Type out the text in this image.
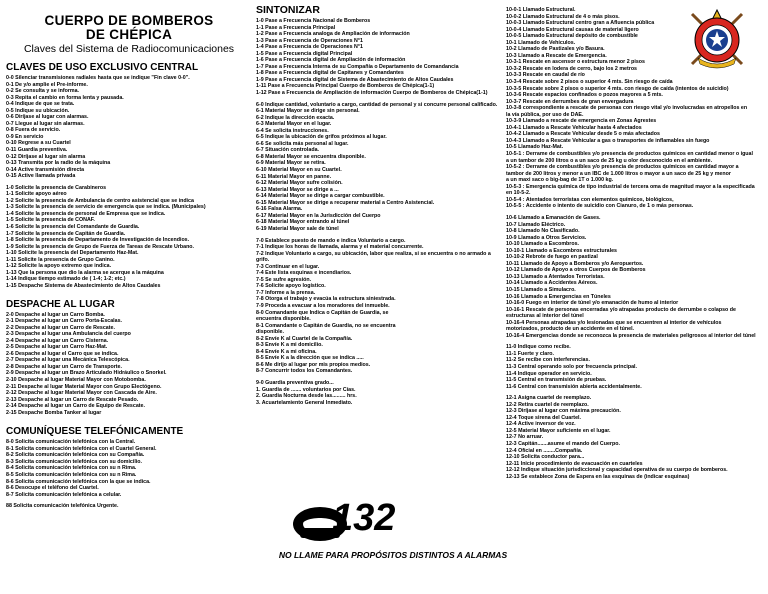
CUERPO DE BOMBEROS
DE CHÉPICA
Claves del Sistema de Radiocomunicaciones
CLAVES DE USO EXCLUSIVO CENTRAL
0-0 Silenciar transmisiones radiales hasta que se indique "Fin clave 0-0".
0-1 De y/o amplie el Pre-informe.
0-2 Se consulta y se informa.
0-3 Repita el cambio en forma lenta y pausada.
0-4 Indique de que se trata.
0-5 Indique su ubicación.
0-6 Diríjase al lugar con alarmas.
0-7 Llegue al lugar sin alarmas.
0-8 Fuera de servicio.
0-9 En servicio
0-10 Regrese a su Cuartel
0-11 Guardia preventiva.
0-12 Diríjase al lugar sin alarma
0-13 Transmita por la radio de la máquina
0-14 Active transmisión directa
0-15 Active llamada privada
1-0 Solicite la presencia de Carabineros
1-1 Solicite apoyo aéreo
1-2 Solicite la presencia de Ambulancia de centro asistencial que se indica
1-3 Solicite la presencia de servicio de emergencia que se indica. (Municipales)
1-4 Solicite la presencia de personal de Empresa que se indica.
1-5 Solicite la presencia de CONAF.
1-6 Solicite la presencia del Comandante de Guardia.
1-7 Solicite la presencia de Capitán de Guardia.
1-8 Solicite la presencia de Departamento de Investigación de Incendios.
1-9 Solicite la presencia de Grupo de Fuerza de Tareas de Rescate Urbano.
1-10 Solicite la presencia del Departamento Haz-Mat.
1-11 Solicite la presencia de Grupo Canino.
1-12 Solicite la apoyo extremo que indica.
1-13 Que la persona que dio la alarma se acerque a la máquina
1-14 Indique tiempo estimado de ( 1-4; 1-2; etc.)
1-15 Despache Sistema de Abastecimiento de Altos Caudales
DESPACHE AL LUGAR
2-0 Despache al lugar un Carro Bomba.
2-1 Despache al lugar un Carro Porta-Escalas.
2-2 Despache al lugar un Carro de Rescate.
2-3 Despache al lugar una Ambulancia del cuerpo
2-4 Despache al lugar un Carro Cisterna.
2-5 Despache al lugar un Carro Haz-Mat.
2-6 Despache al lugar el Carro que se indica.
2-7 Despache al lugar una Mecánica Telescópica.
2-8 Despache al lugar un Carro de Transporte.
2-9 Despache al lugar un Brazo Articulado Hidráulico o Snorkel.
2-10 Despache al lugar Material Mayor con Motobomba.
2-11 Despache al lugar Material Mayor con Grupo Electógeno.
2-12 Despache al lugar Material Mayor con Cascada de Aire.
2-13 Despache al lugar un Carro de Rescate Pesado.
2-14 Despache al lugar un Carro de Equipo de Rescate.
2-15 Despache Bomba Tanker al lugar
COMUNÍQUESE TELEFÓNICAMENTE
8-0 Solicita comunicación telefónica con la Central.
8-1 Solicita comunicación telefónica con el Cuartel General.
8-2 Solicita comunicación telefónica con su Compañía.
8-3 Solicita comunicación telefónica con su domicilio.
8-4 Solicita comunicación telefónica con su n Rima.
8-5 Solicita comunicación telefónica con su n Rima.
8-6 Solicita comunicación telefónica con la que se indica.
8-6 Desocupe el teléfono del Cuartel.
8-7 Solicita comunicación telefónica a celular.
88 Solicita comunicación telefónica Urgente.
SINTONIZAR
1-0 Pase a Frecuencia Nacional de Bomberos
1-1 Pase a Frecuencia Principal
1-2 Pase a Frecuencia analoga de Ampliación de información
1-3 Pase a Frecuencia de Operaciones N°1
1-4 Pase a Frecuencia de Operaciones N°1
1-5 Pase a Frecuencia digital Principal
1-6 Pase a Frecuencia digital de Ampliación de información
1-7 Pase a Frecuencia Interna de su Compañía o Departamento de Comandancia
1-8 Pase a Frecuencia digital de Capitanes y Comandantes
1-9 Pase a Frecuencia digital de Sistema de Abastecimiento de Altos Caudales
1-11 Pase a Frecuencia Principal Cuerpo de Bomberos de Chépica(1-1)
1-12 Pase a Frecuencia de Ampliación de información Cuerpo de Bomberos de Chépica(1-1)
6-0 Indique cantidad, voluntario a cargo, cantidad de personal y si concurre personal calificado.
6-1 Material Mayor se dirige sin personal.
6-2 Indique la dirección exacta.
6-3 Material Mayor en el lugar.
6-4 Se solicita instrucciones.
6-5 Indique la ubicación de grifos próximos al lugar.
6-6 Se solicita más personal al lugar.
6-7 Situación controlada.
6-8 Material Mayor se encuentra disponible.
6-9 Material Mayor se retira.
6-10 Material Mayor en su Cuartel.
6-11 Material Mayor en panne.
6-12 Material Mayor sufre colisión.
6-13 Material Mayor se dirige a ...
6-14 Material Mayor se dirige a cargar combustible.
6-15 Material Mayor se dirige a recuperar material a Centro Asistencial.
6-16 Falsa Alarma.
6-17 Material Mayor en la Jurisdicción del Cuerpo
6-18 Material Mayor entrando al túnel
6-19 Material Mayor sale de túnel
7-0 Establece puesto de mando e indica Voluntario a cargo.
7-1 Indique los horas de llamada, alarma y el material concurrente.
7-2 Indique Voluntario a cargo, su ubicación, labor que realiza, si se encuentra o no armado a
grifo.
7-3 Continuar en el lugar.
7-4 Este lista esquinas e incendiarios.
7-5 Se sufre agresión.
7-6 Solicite apoyo logístico.
7-7 Informe a la prensa.
7-8 Otorga el trabajo y evacúa la estructura siniestrada.
7-9 Proceda a evacuar a los moradores del inmueble.
8-0 Comandante que Indica o Capitán de Guardia, se
encuentra disponible.
8-1 Comandante o Capitán de Guardia, no se encuentra
disponible.
8-2 Envíe K al Cuartel de la Compañía.
8-3 Envíe K a mi domicilio.
8-4 Envíe K a mi oficina.
8-5 Envíe K a la dirección que se indica .....
8-6 Me dirijo al lugar por mis propios medios.
8-7 Concurrir todos los Comandantes.
9-0 Guardia preventiva grado...
1. Guardia de ....... voluntarios por Cías.
2. Guardia Nocturna desde las......... hrs.
3. Acuartelamiento General Inmediato.
132
NO LLAME PARA PROPÓSITOS DISTINTOS A ALARMAS
10-0-1 Llamado Estructural.
10-0-2 Llamado Estructural de 4 o más pisos.
10-0-3 Llamado Estructural centro gran a Afluencia pública
10-0-4 Llamado Estructural causas de material ligero
10-0-5 Llamado Estructural depósito de combustible
10-1 Llamado de Vehículos.
10-2 Llamado de Pastizales y/o Basura.
10-3 Llamado a Rescate de Emergencia.
10-3-1 Rescate en ascensor o estructura menor 2 pisos
10-3-2 Rescate en lodera de cerro, bajo los 2 metros
10-3-3 Rescate en caudal de río
10-3-4 Rescate sobre 2 pisos o superior 4 mts. Sin riesgo de caída
10-3-5 Rescate sobre 2 pisos o superior 4 mts. con riesgo de caída (intentos de suicidio)
10-3-6 Rescate espacios confinados o pozos mayores a 5 mts.
10-3-7 Rescate en derrumbes de gran envergadura
10-3-8 correspondiente a rescate de personas con riesgo vital y/o involucradas en atropellos en
la vía pública, por uso de DAE.
10-3-9 Llamado a rescate de emergencia en Zonas Agrestes
10-4-1 Llamado a Rescate Vehicular hasta 4 afectados
10-4-2 Llamado a Rescate Vehicular desde 5 o más afectados
10-4-3 Llamado a Rescate Vehicular a gas o transportes de inflamables sin fuego
10-5 Llamado Haz-Mat.
10-5-1 : Derrame de combustibles y/o presencia de productos químicos en cantidad menor o igual
a un tambor de 200 litros o a un saco de 25 kg u olor desconocido en el ambiente.
10-5-2 : Derrame de combustibles y/o presencia de productos químicos en cantidad mayor a
tambor de 200 litros y menor a un IBC de 1.000 litros o mayor a un saco de 25 kg y menor
a un maxi saco o big-bag de 1T o 1.000 kg.
10-5-3 : Emergencia química de tipo industrial de tercera oma de magnitud mayor a la especificada
en 10-5-2.
10-5-4 : Atentados terroristas con elementos químicos, biológicos,
10-5-5 : Accidente o intento de suicidio con Cianuro, de 1 o más personas.
10-6 Llamado a Emanación de Gases.
10-7 Llamado Eléctrico.
10-8 Llamado No Clasificado.
10-9 Llamado a Otros Servicios.
10-10 Llamado a Escombros.
10-10-1 Llamado a Escombros estructurales
10-10-2 Rebrote de fuego en pastizal
10-11 Llamado de Apoyo a Bomberos y/o Aeropuertos.
10-12 Llamado de Apoyo a otros Cuerpos de Bomberos
10-13 Llamado a Atentados Terroristas.
10-14 Llamado a Accidentes Aéreos.
10-15 Llamado a Simulacro.
10-16 Llamado a Emergencias en Túneles
10-16-0 Fuego en interior de túnel y/o emanación de humo al interior
10-16-1 Rescate de personas encerradas y/o atrapadas producto de derrumbe o colapso de
estructuras al interior del túnel
10-16-4 Personas atrapadas y/o lesionadas que se encuentren al interior de vehículos
motorizados, producto de un accidente en el túnel.
10-16-4 Emergencias donde se reconozca la presencia de materiales peligrosos al interior del túnel
11-0 Indique como recibe.
11-1 Fuerte y claro.
11-2 Se recibe con interferencias.
11-3 Central operando solo por frecuencia principal.
11-4 Indique operador en servicio.
11-5 Central en transmisión de pruebas.
11-6 Central con transmisión abierta accidentalmente.
12-1 Asigna cuartel de reemplazo.
12-2 Retira cuartel de reemplazo.
12-3 Diríjase al lugar con máxima precaución.
12-4 Toque sirena del Cuartel.
12-4 Active inversor de voz.
12-5 Material Mayor suficiente en el lugar.
12-7 No arruar.
12-3 Capitán.......asume el mando del Cuerpo.
12-4 Oficial en ........Compañía.
12-10 Solicita conductor para...
12-11 Inicie procedimiento de evacuación en cuarteles
12-12 Indique situación jurisdiccional y capacidad operativa de su cuerpo de bomberos.
12-13 Se establece Zona de Espera en las esquinas de (indicar esquinas)
